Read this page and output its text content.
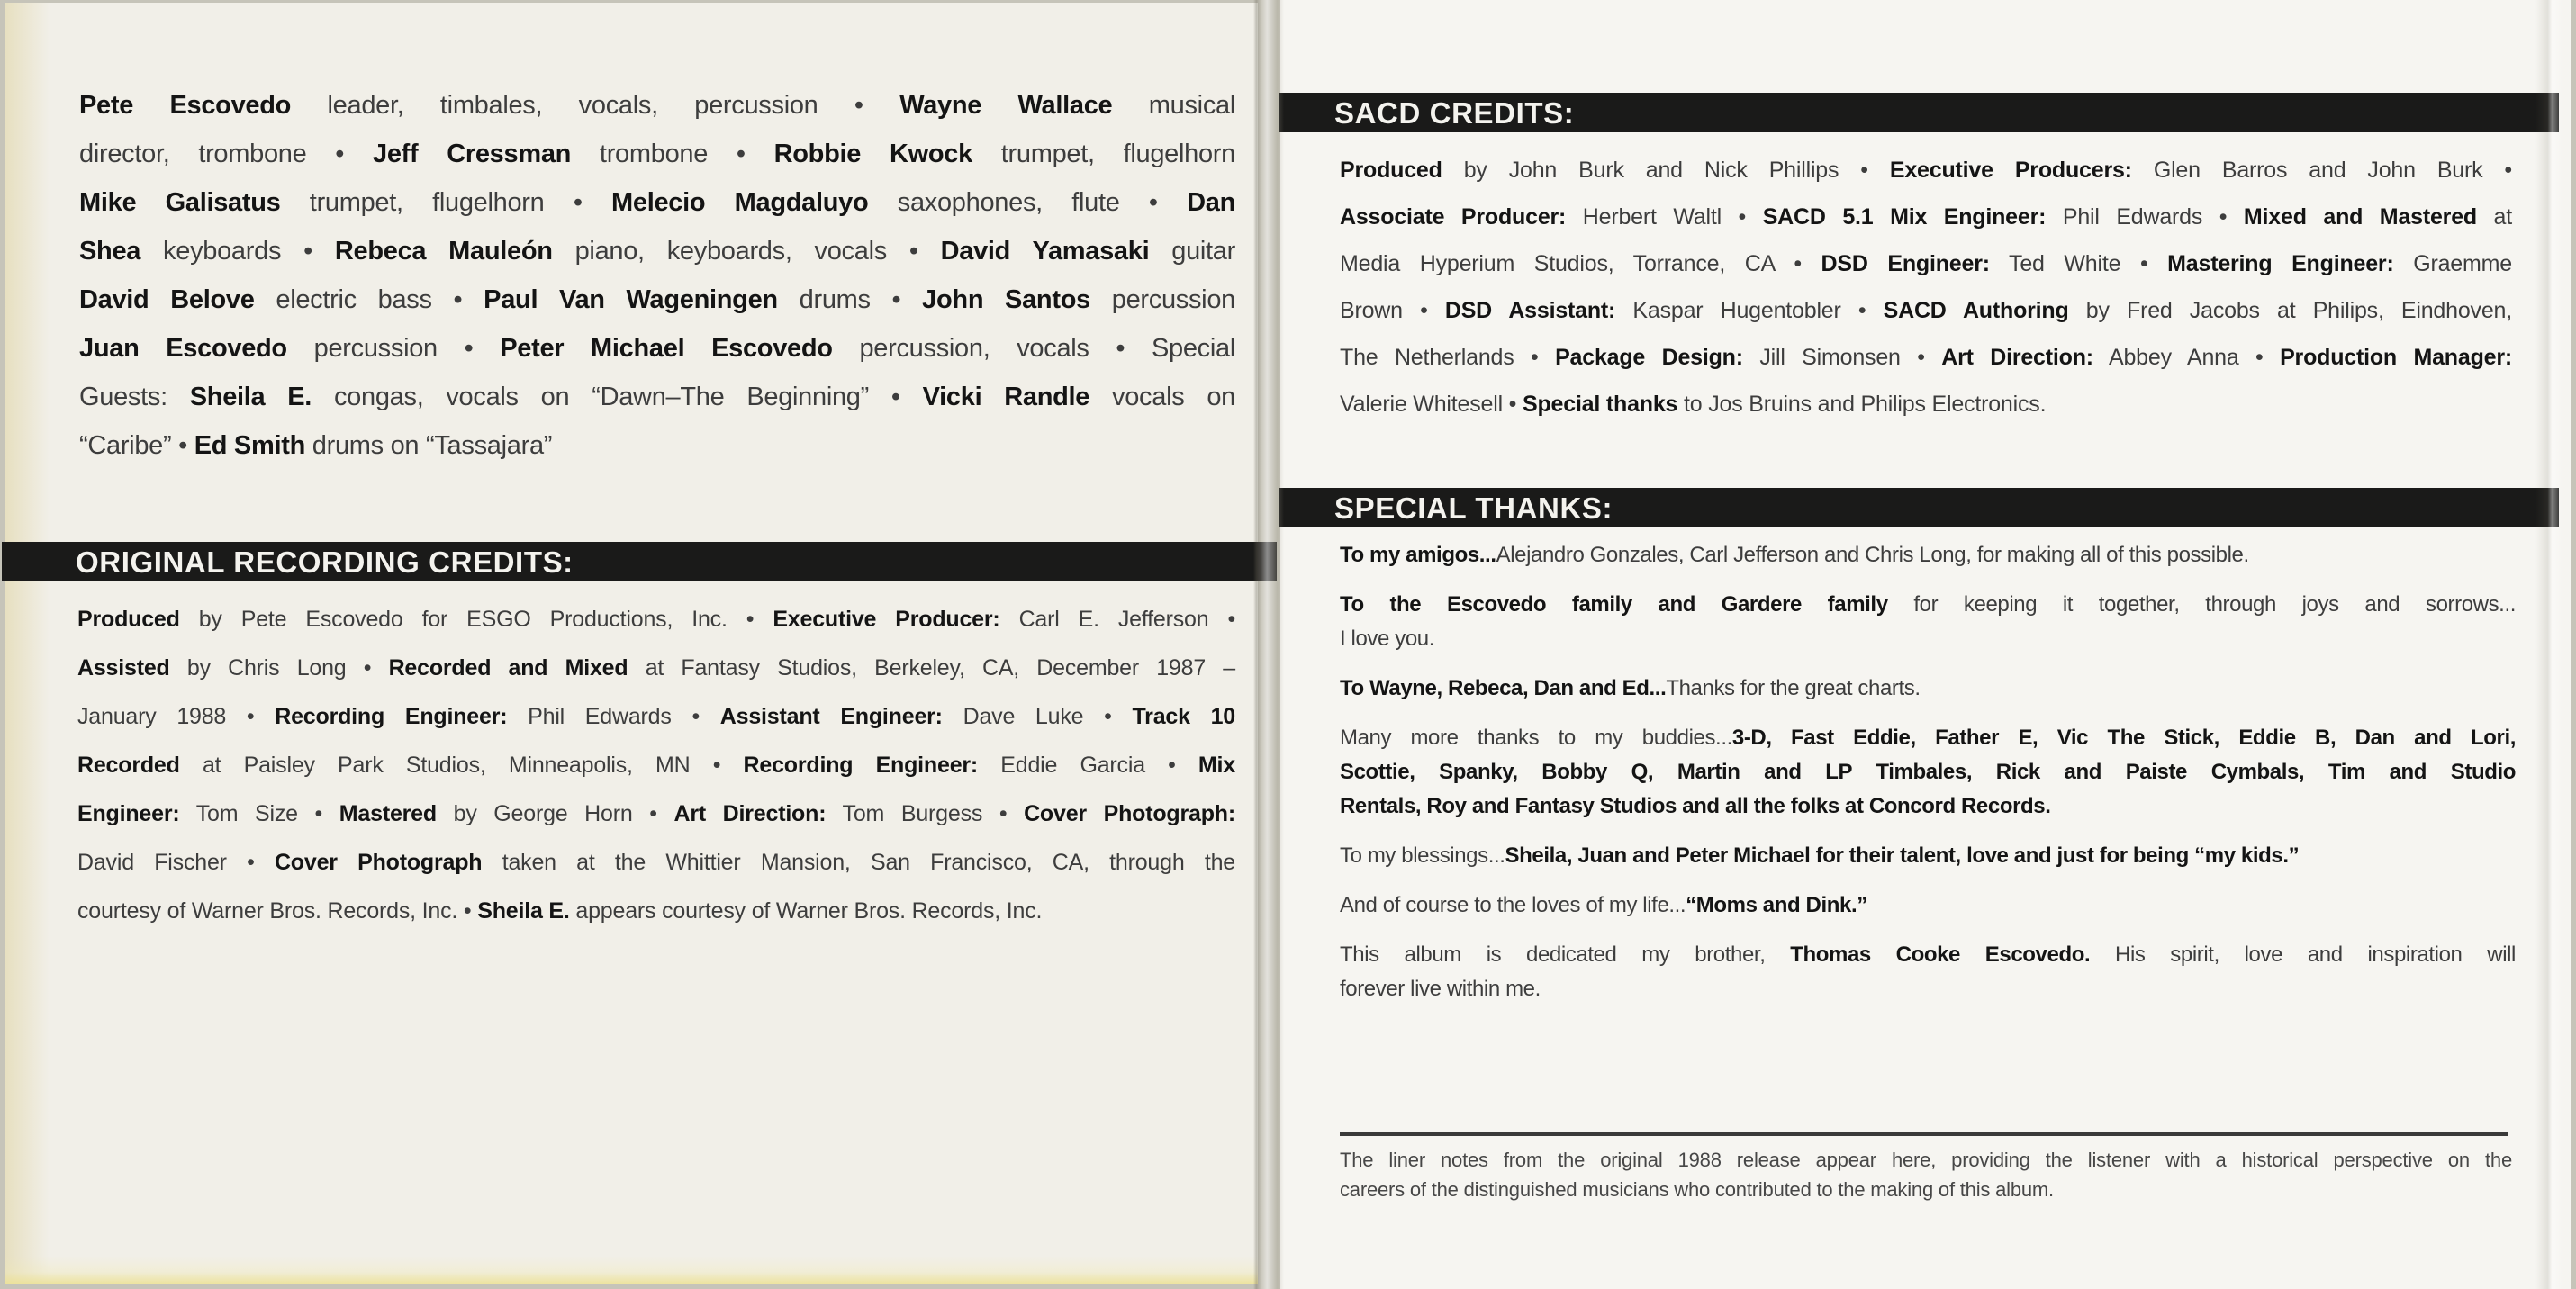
Pete Escovedo leader, timbales, vocals, percussion • Wayne Wallace musical
director, trombone • Jeff Cressman trombone • Robbie Kwock trumpet, flugelhorn
Mike Galisatus trumpet, flugelhorn • Melecio Magdaluyo saxophones, flute • Dan
Shea keyboards • Rebeca Mauleón piano, keyboards, vocals • David Yamasaki guitar
David Belove electric bass • Paul Van Wageningen drums • John Santos percussion
Juan Escovedo percussion • Peter Michael Escovedo percussion, vocals • Special
Guests: Sheila E. congas, vocals on “Dawn–The Beginning” • Vicki Randle vocals on
“Caribe” • Ed Smith drums on “Tassajara”
ORIGINAL RECORDING CREDITS:
Produced by Pete Escovedo for ESGO Productions, Inc. • Executive Producer: Carl E. Jefferson •
Assisted by Chris Long • Recorded and Mixed at Fantasy Studios, Berkeley, CA, December 1987 –
January 1988 • Recording Engineer: Phil Edwards • Assistant Engineer: Dave Luke • Track 10
Recorded at Paisley Park Studios, Minneapolis, MN • Recording Engineer: Eddie Garcia • Mix
Engineer: Tom Size • Mastered by George Horn • Art Direction: Tom Burgess • Cover Photograph:
David Fischer • Cover Photograph taken at the Whittier Mansion, San Francisco, CA, through the
courtesy of Warner Bros. Records, Inc. • Sheila E. appears courtesy of Warner Bros. Records, Inc.
SACD CREDITS:
Produced by John Burk and Nick Phillips • Executive Producers: Glen Barros and John Burk •
Associate Producer: Herbert Waltl • SACD 5.1 Mix Engineer: Phil Edwards • Mixed and Mastered at
Media Hyperium Studios, Torrance, CA • DSD Engineer: Ted White • Mastering Engineer: Graemme
Brown • DSD Assistant: Kaspar Hugentobler • SACD Authoring by Fred Jacobs at Philips, Eindhoven,
The Netherlands • Package Design: Jill Simonsen • Art Direction: Abbey Anna • Production Manager:
Valerie Whitesell • Special thanks to Jos Bruins and Philips Electronics.
SPECIAL THANKS:
To my amigos...Alejandro Gonzales, Carl Jefferson and Chris Long, for making all of this possible.
To the Escovedo family and Gardere family for keeping it together, through joys and sorrows...
I love you.
To Wayne, Rebeca, Dan and Ed...Thanks for the great charts.
Many more thanks to my buddies...3-D, Fast Eddie, Father E, Vic The Stick, Eddie B, Dan and Lori,
Scottie, Spanky, Bobby Q, Martin and LP Timbales, Rick and Paiste Cymbals, Tim and Studio
Rentals, Roy and Fantasy Studios and all the folks at Concord Records.
To my blessings...Sheila, Juan and Peter Michael for their talent, love and just for being “my kids.”
And of course to the loves of my life...“Moms and Dink.”
This album is dedicated my brother, Thomas Cooke Escovedo. His spirit, love and inspiration will
forever live within me.
The liner notes from the original 1988 release appear here, providing the listener with a historical perspective on the
careers of the distinguished musicians who contributed to the making of this album.
